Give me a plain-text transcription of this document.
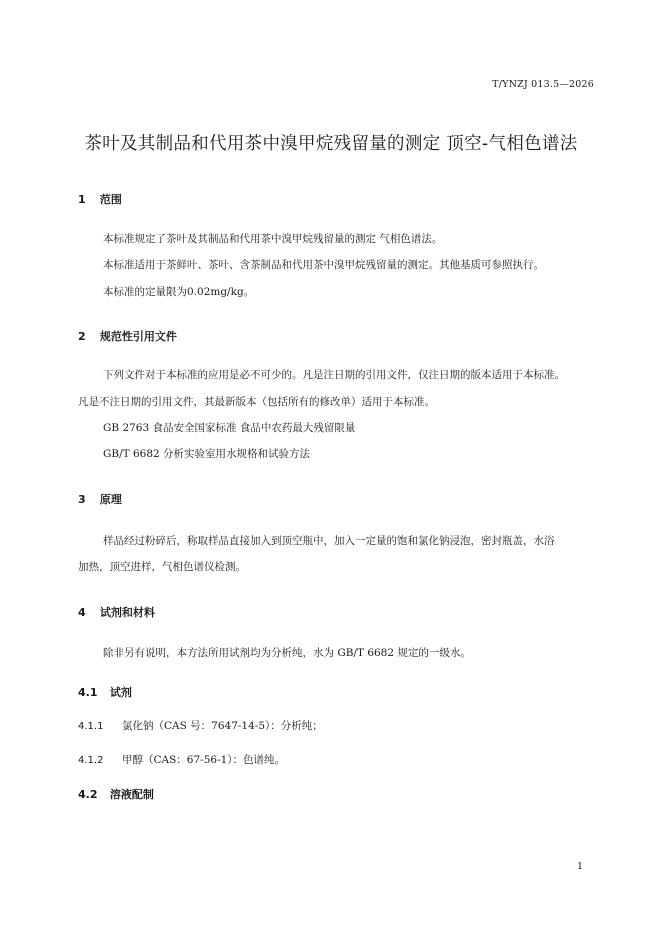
T/YNZJ 013.5—2026
茶叶及其制品和代用茶中溴甲烷残留量的测定 顶空-气相色谱法
1 范围

本标准规定了茶叶及其制品和代用茶中溴甲烷残留量的测定 气相色谱法。

本标准适用于茶鲜叶、茶叶、含茶制品和代用茶中溴甲烷残留量的测定。其他基质可参照执行。

本标准的定量限为0.02mg/kg。

2 规范性引用文件

下列文件对于本标准的应用是必不可少的。凡是注日期的引用文件，仅注日期的版本适用于本标准。

凡是不注日期的引用文件，其最新版本（包括所有的修改单）适用于本标准。

GB 2763 食品安全国家标准 食品中农药最大残留限量

GB/T 6682 分析实验室用水规格和试验方法

3 原理

样品经过粉碎后，称取样品直接加入到顶空瓶中，加入一定量的饱和氯化钠浸泡，密封瓶盖，水浴

加热，顶空进样，气相色谱仪检测。

4 试剂和材料

除非另有说明，本方法所用试剂均为分析纯，水为 GB/T 6682 规定的一级水。

4.1 试剂
4.1.1 氯化钠（CAS 号：7647-14-5）：分析纯；
4.1.2 甲醇（CAS：67-56-1）：色谱纯。
4.2 溶液配制
1
